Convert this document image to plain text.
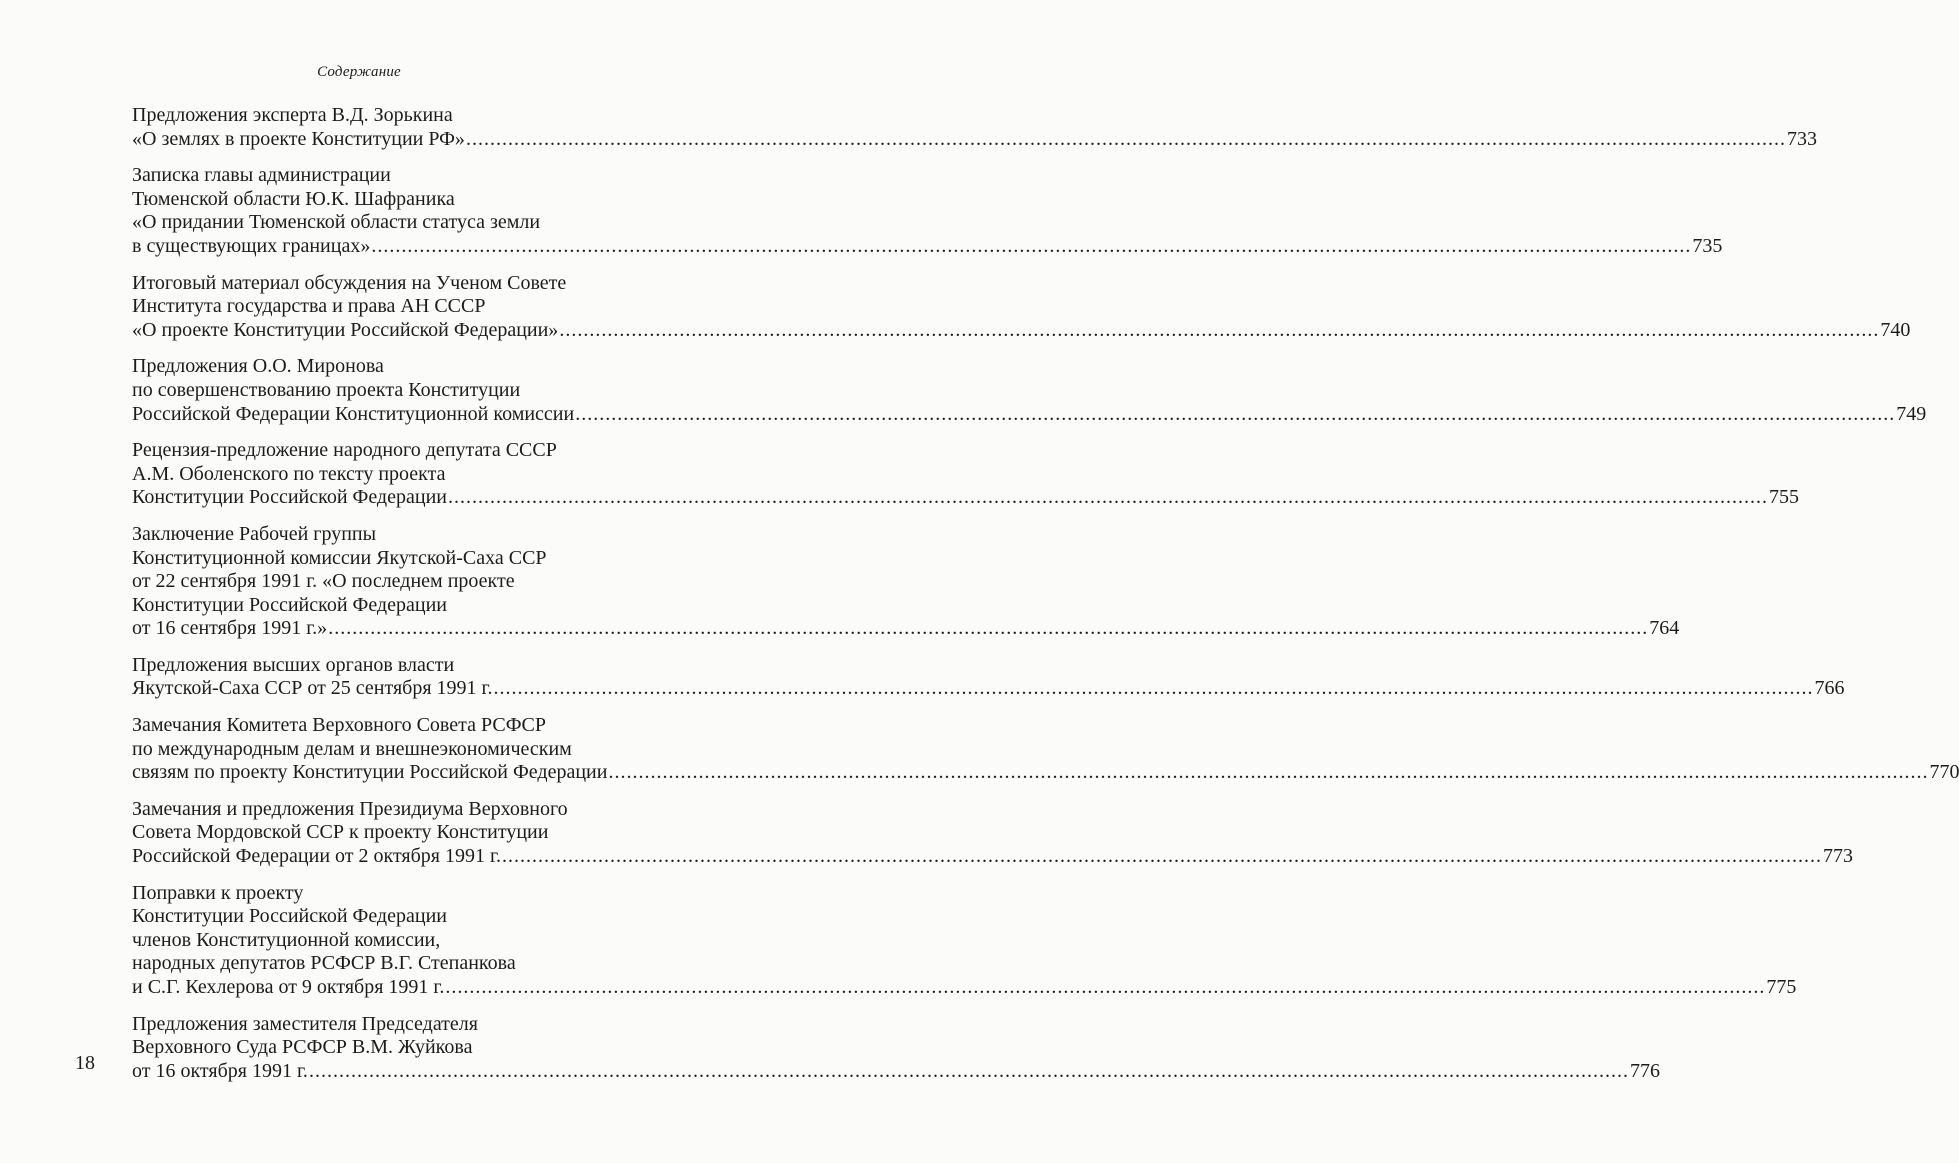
Содержание
Предложения эксперта В.Д. Зорькина
«О землях в проекте Конституции РФ» ............................................................................................................................................................................................................................ 733
Записка главы администрации
Тюменской области Ю.К. Шафраника
«О придании Тюменской области статуса земли
в существующих границах» ............................................................................................................................................................................................................................ 735
Итоговый материал обсуждения на Ученом Совете
Института государства и права АН СССР
«О проекте Конституции Российской Федерации» ............................................................................................................................................................................................................................ 740
Предложения О.О. Миронова
по совершенствованию проекта Конституции
Российской Федерации Конституционной комиссии ............................................................................................................................................................................................................................ 749
Рецензия-предложение народного депутата СССР
А.М. Оболенского по тексту проекта
Конституции Российской Федерации ............................................................................................................................................................................................................................ 755
Заключение Рабочей группы
Конституционной комиссии Якутской-Саха ССР
от 22 сентября 1991 г. «О последнем проекте
Конституции Российской Федерации
от 16 сентября 1991 г.» ............................................................................................................................................................................................................................ 764
Предложения высших органов власти
Якутской-Саха ССР от 25 сентября 1991 г. ............................................................................................................................................................................................................................ 766
Замечания Комитета Верховного Совета РСФСР
по международным делам и внешнеэкономическим
связям по проекту Конституции Российской Федерации ............................................................................................................................................................................................................................ 770
Замечания и предложения Президиума Верховного
Совета Мордовской ССР к проекту Конституции
Российской Федерации от 2 октября 1991 г. ............................................................................................................................................................................................................................ 773
Поправки к проекту
Конституции Российской Федерации
членов Конституционной комиссии,
народных депутатов РСФСР В.Г. Степанкова
и С.Г. Кехлерова от 9 октября 1991 г. ............................................................................................................................................................................................................................ 775
Предложения заместителя Председателя
Верховного Суда РСФСР В.М. Жуйкова
от 16 октября 1991 г. ............................................................................................................................................................................................................................ 776
18
